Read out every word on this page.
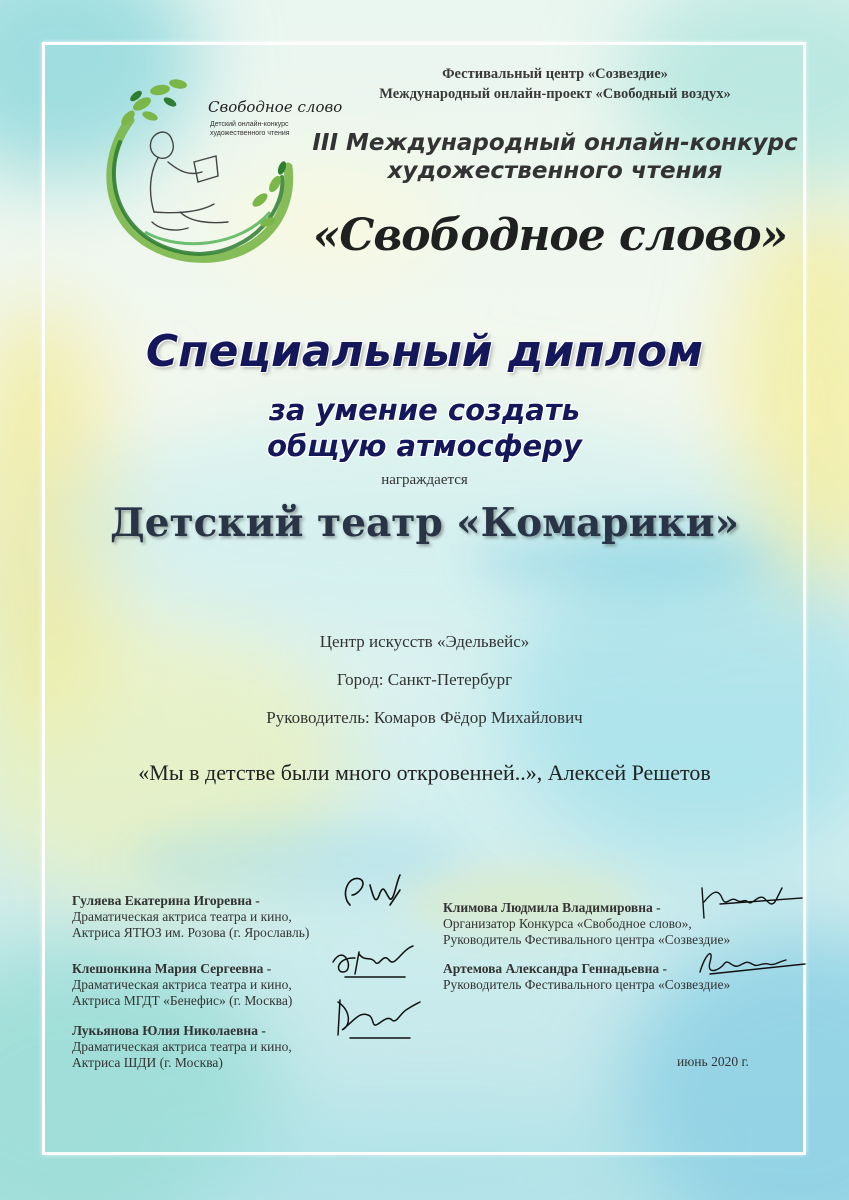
Свободное слово
Детский онлайн-конкурс
художественного чтения

Фестивальный центр «Созвездие»

Международный онлайн-проект «Свободный воздух»

III Международный онлайн-конкурс

художественного чтения

«Свободное слово»

Специальный диплом

за умение создать

общую атмосферу

награждается

Детский театр «Комарики»

Центр искусств «Эдельвейс»

Город: Санкт-Петербург

Руководитель: Комаров Фёдор Михайлович

«Мы в детстве были много откровенней..», Алексей Решетов

Гуляева Екатерина Игоревна -
Драматическая актриса театра и кино,
Актриса ЯТЮЗ им. Розова (г. Ярославль)
Клешонкина Мария Сергеевна -
Драматическая актриса театра и кино,
Актриса МГДТ «Бенефис» (г. Москва)
Лукьянова Юлия Николаевна -
Драматическая актриса театра и кино,
Актриса ШДИ (г. Москва)
Климова Людмила Владимировна -
Организатор Конкурса «Свободное слово»,
Руководитель Фестивального центра «Созвездие»
Артемова Александра Геннадьевна -
Руководитель Фестивального центра «Созвездие»

июнь 2020 г.
